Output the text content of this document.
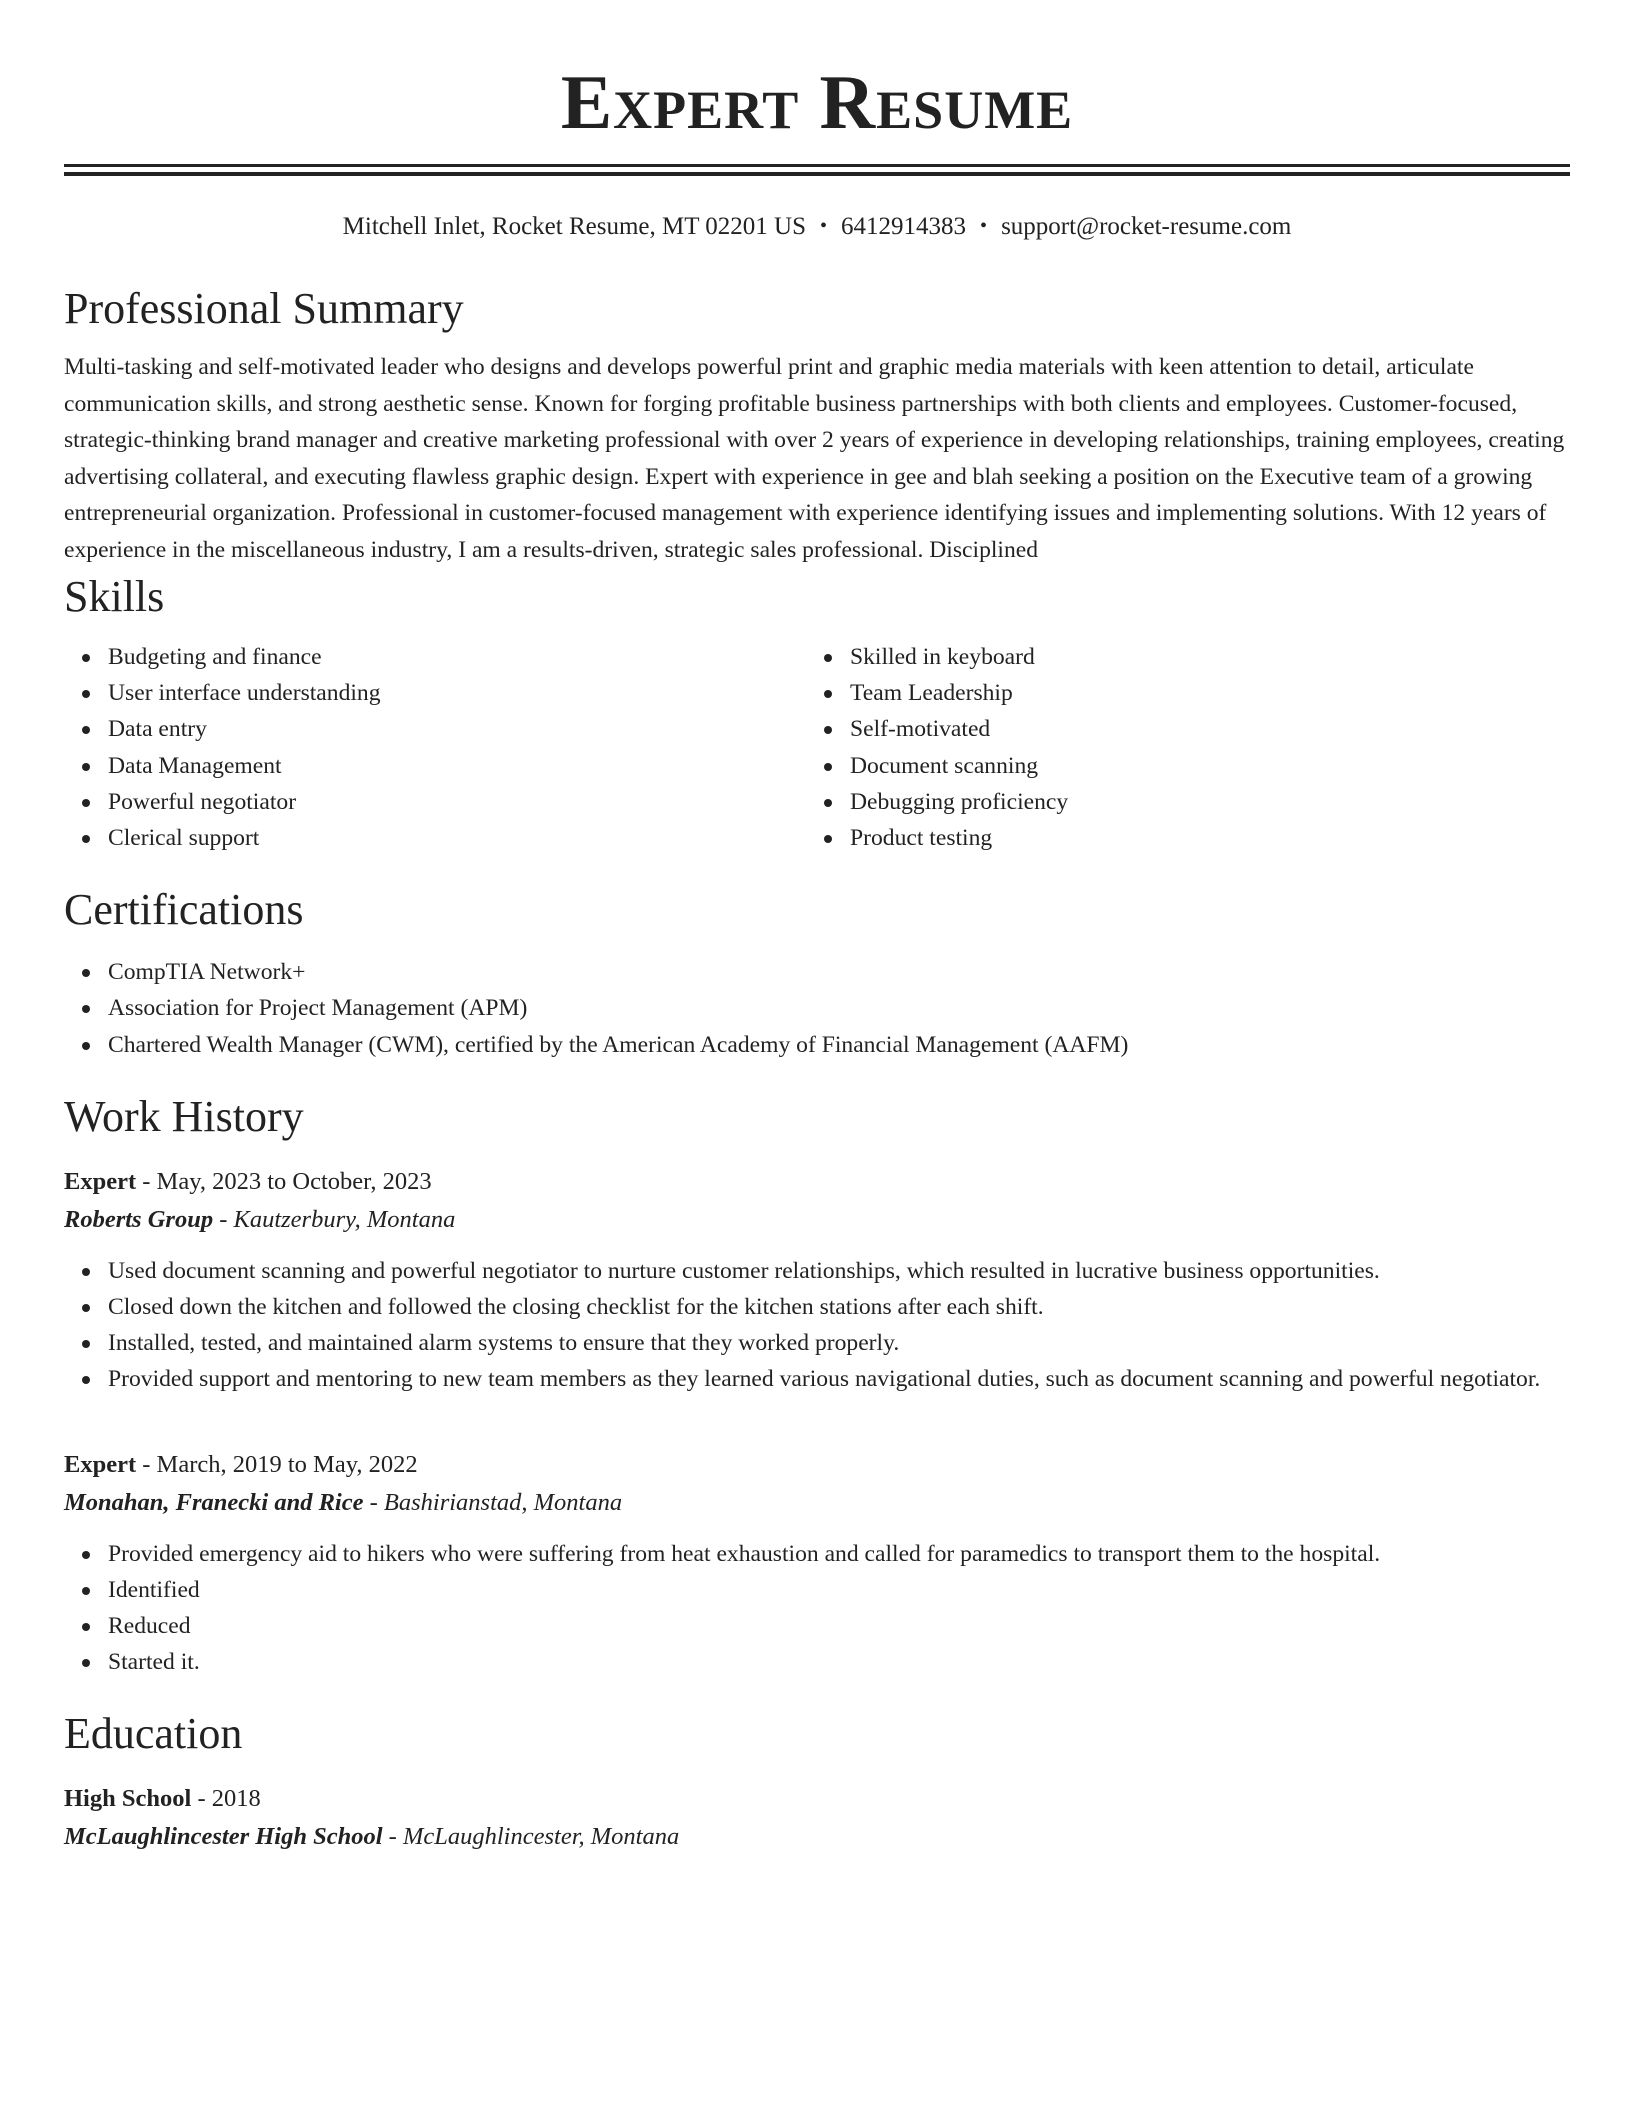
Expert Resume
Mitchell Inlet, Rocket Resume, MT 02201 US • 6412914383 • support@rocket-resume.com
Professional Summary
Multi-tasking and self-motivated leader who designs and develops powerful print and graphic media materials with keen attention to detail, articulate communication skills, and strong aesthetic sense. Known for forging profitable business partnerships with both clients and employees. Customer-focused, strategic-thinking brand manager and creative marketing professional with over 2 years of experience in developing relationships, training employees, creating advertising collateral, and executing flawless graphic design. Expert with experience in gee and blah seeking a position on the Executive team of a growing entrepreneurial organization. Professional in customer-focused management with experience identifying issues and implementing solutions. With 12 years of experience in the miscellaneous industry, I am a results-driven, strategic sales professional. Disciplined
Skills
Budgeting and finance
User interface understanding
Data entry
Data Management
Powerful negotiator
Clerical support
Skilled in keyboard
Team Leadership
Self-motivated
Document scanning
Debugging proficiency
Product testing
Certifications
CompTIA Network+
Association for Project Management (APM)
Chartered Wealth Manager (CWM), certified by the American Academy of Financial Management (AAFM)
Work History
Expert - May, 2023 to October, 2023
Roberts Group - Kautzerbury, Montana
Used document scanning and powerful negotiator to nurture customer relationships, which resulted in lucrative business opportunities.
Closed down the kitchen and followed the closing checklist for the kitchen stations after each shift.
Installed, tested, and maintained alarm systems to ensure that they worked properly.
Provided support and mentoring to new team members as they learned various navigational duties, such as document scanning and powerful negotiator.
Expert - March, 2019 to May, 2022
Monahan, Franecki and Rice - Bashirianstad, Montana
Provided emergency aid to hikers who were suffering from heat exhaustion and called for paramedics to transport them to the hospital.
Identified
Reduced
Started it.
Education
High School - 2018
McLaughlincester High School - McLaughlincester, Montana
